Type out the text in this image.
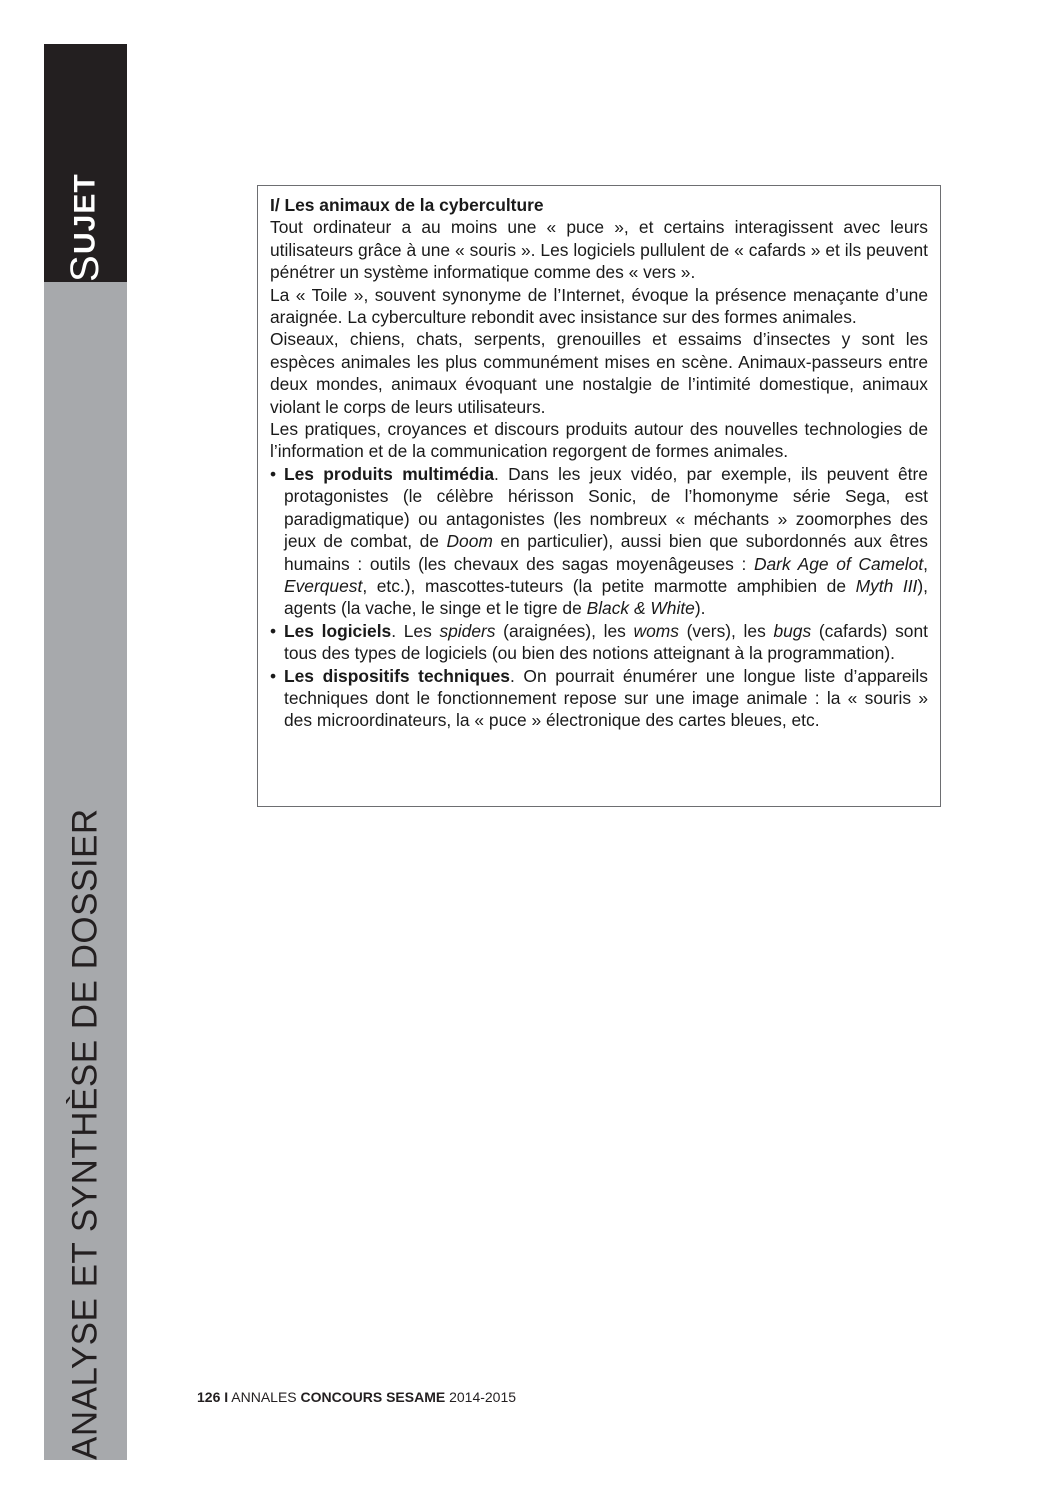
S
UJET
ANALYSE ET SYNTHÈSE DE DOSSIER

I/ Les animaux de la cyberculture

Tout ordinateur a au moins une « puce », et certains interagissent avec leurs utilisateurs grâce à une « souris ». Les logiciels pullulent de « cafards » et ils peuvent pénétrer un système informatique comme des « vers ».

La « Toile », souvent synonyme de l’Internet, évoque la présence menaçante d’une araignée. La cyberculture rebondit avec insistance sur des formes animales.

Oiseaux, chiens, chats, serpents, grenouilles et essaims d’insectes y sont les espèces animales les plus communément mises en scène. Animaux-passeurs entre deux mondes, animaux évoquant une nostalgie de l’intimité domestique, animaux violant le corps de leurs utilisateurs.

Les pratiques, croyances et discours produits autour des nouvelles technologies de l’information et de la communication regorgent de formes animales.

• Les produits multimédia. Dans les jeux vidéo, par exemple, ils peuvent être protagonistes (le célèbre hérisson Sonic, de l’homonyme série Sega, est paradigmatique) ou antagonistes (les nombreux « méchants » zoomorphes des jeux de combat, de Doom en particulier), aussi bien que subordonnés aux êtres humains : outils (les chevaux des sagas moyenâgeuses : Dark Age of Camelot, Everquest, etc.), mascottes-tuteurs (la petite marmotte amphibien de Myth III), agents (la vache, le singe et le tigre de Black & White).
• Les logiciels. Les spiders (araignées), les woms (vers), les bugs (cafards) sont tous des types de logiciels (ou bien des notions atteignant à la programmation).
• Les dispositifs techniques. On pourrait énumérer une longue liste d’appareils techniques dont le fonctionnement repose sur une image animale : la « souris » des microordinateurs, la « puce » électronique des cartes bleues, etc.
126 I ANNALES CONCOURS SESAME 2014-2015
